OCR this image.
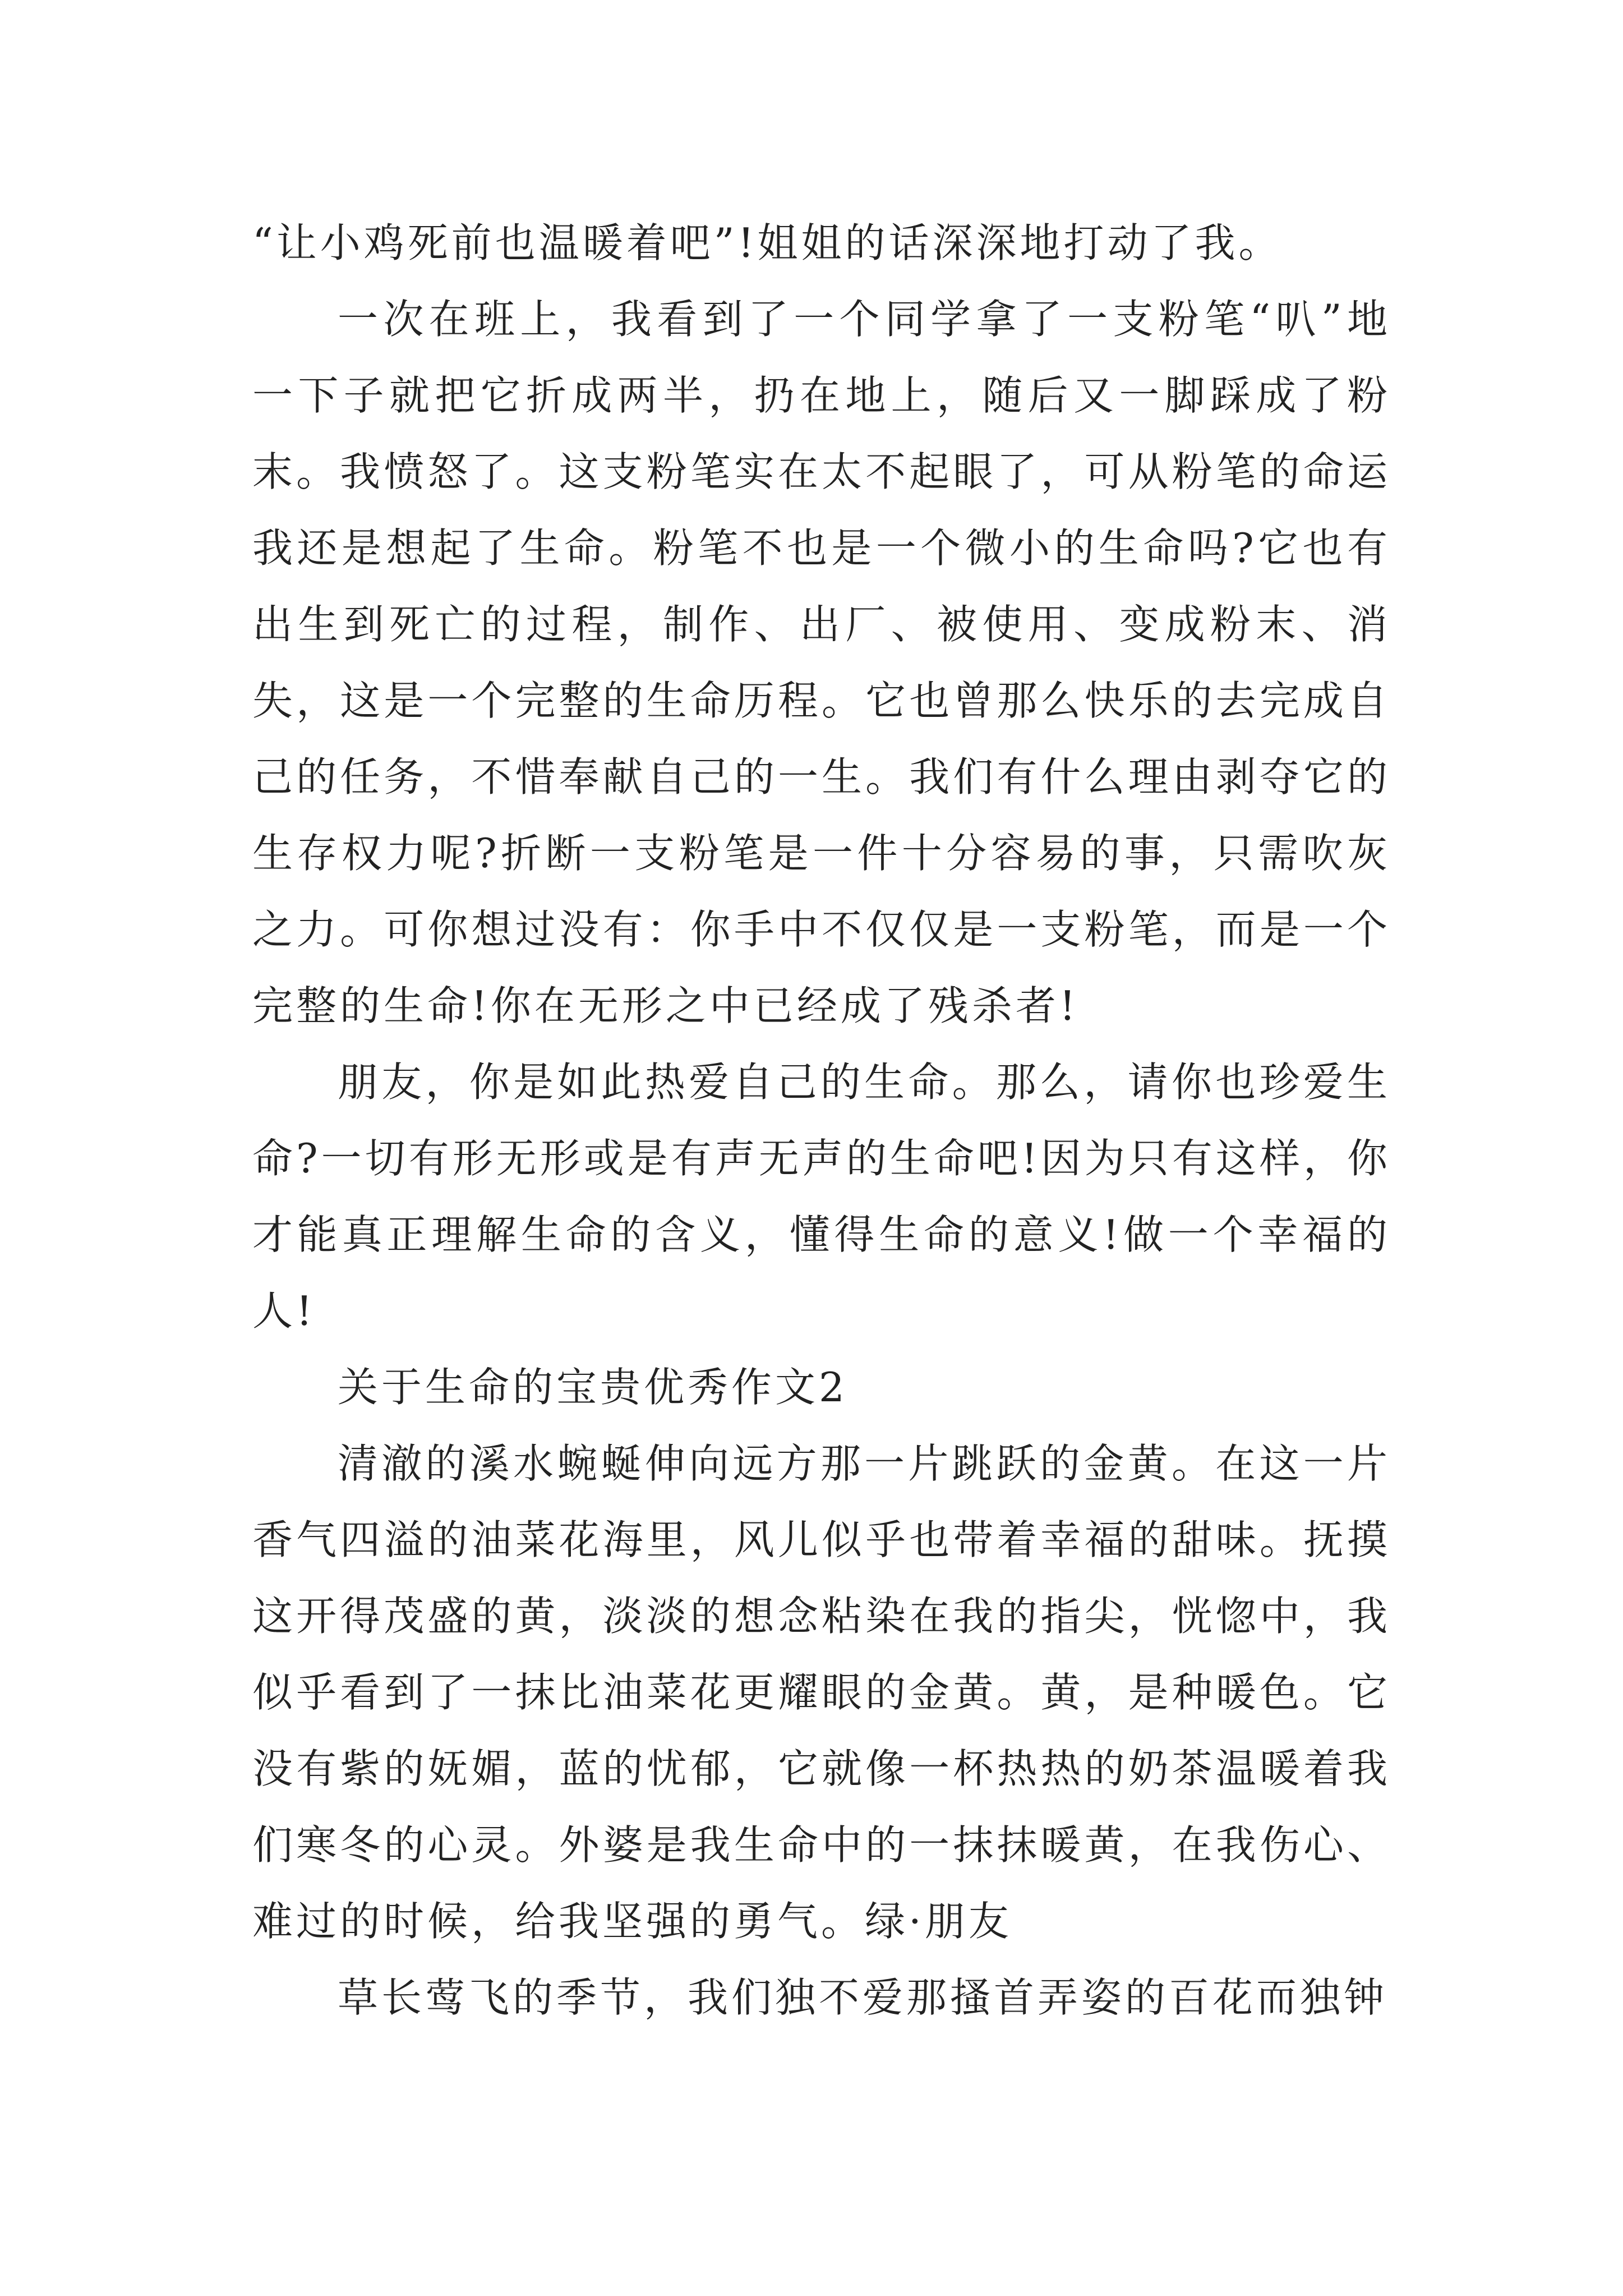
“让小鸡死前也温暖着吧”!姐姐的话深深地打动了我。

一次在班上，我看到了一个同学拿了一支粉笔“叭”地一下子就把它折成两半，扔在地上，随后又一脚踩成了粉末。我愤怒了。这支粉笔实在太不起眼了，可从粉笔的命运我还是想起了生命。粉笔不也是一个微小的生命吗?它也有出生到死亡的过程，制作、出厂、被使用、变成粉末、消失，这是一个完整的生命历程。它也曾那么快乐的去完成自己的任务，不惜奉献自己的一生。我们有什么理由剥夺它的生存权力呢?折断一支粉笔是一件十分容易的事，只需吹灰之力。可你想过没有：你手中不仅仅是一支粉笔，而是一个完整的生命!你在无形之中已经成了残杀者!

朋友，你是如此热爱自己的生命。那么，请你也珍爱生命?一切有形无形或是有声无声的生命吧!因为只有这样，你才能真正理解生命的含义，懂得生命的意义!做一个幸福的人!

关于生命的宝贵优秀作文2

清澈的溪水蜿蜒伸向远方那一片跳跃的金黄。在这一片香气四溢的油菜花海里，风儿似乎也带着幸福的甜味。抚摸这开得茂盛的黄，淡淡的想念粘染在我的指尖，恍惚中，我似乎看到了一抹比油菜花更耀眼的金黄。黄，是种暖色。它没有紫的妩媚，蓝的忧郁，它就像一杯热热的奶茶温暖着我们寒冬的心灵。外婆是我生命中的一抹抹暖黄，在我伤心、难过的时候，给我坚强的勇气。绿·朋友

草长莺飞的季节，我们独不爱那搔首弄姿的百花而独钟
